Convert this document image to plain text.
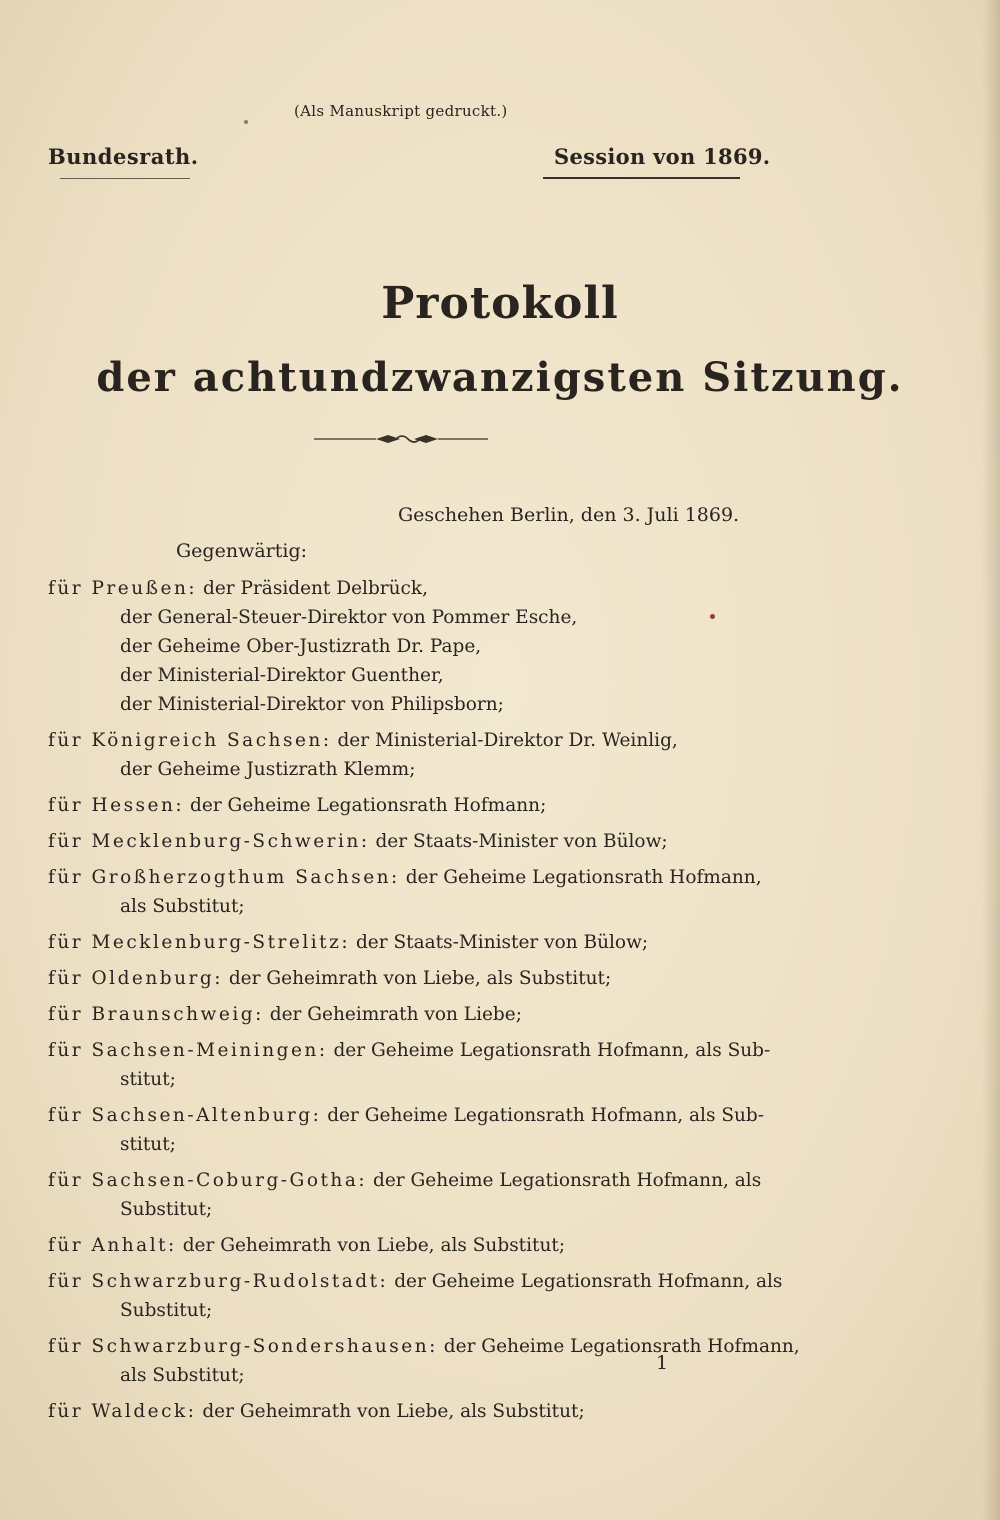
(Als Manuskript gedruckt.)
Bundesrath.	Session von 1869.
Protokoll
der achtundzwanzigsten Sitzung.
Geschehen Berlin, den 3. Juli 1869.
Gegenwärtig:
für Preußen: der Präsident Delbrück,
der General-Steuer-Direktor von Pommer Esche,
der Geheime Ober-Justizrath Dr. Pape,
der Ministerial-Direktor Guenther,
der Ministerial-Direktor von Philipsborn;
für Königreich Sachsen: der Ministerial-Direktor Dr. Weinlig,
der Geheime Justizrath Klemm;
für Hessen: der Geheime Legationsrath Hofmann;
für Mecklenburg-Schwerin: der Staats-Minister von Bülow;
für Großherzogthum Sachsen: der Geheime Legationsrath Hofmann,
als Substitut;
für Mecklenburg-Strelitz: der Staats-Minister von Bülow;
für Oldenburg: der Geheimrath von Liebe, als Substitut;
für Braunschweig: der Geheimrath von Liebe;
für Sachsen-Meiningen: der Geheime Legationsrath Hofmann, als Sub-
stitut;
für Sachsen-Altenburg: der Geheime Legationsrath Hofmann, als Sub-
stitut;
für Sachsen-Coburg-Gotha: der Geheime Legationsrath Hofmann, als
Substitut;
für Anhalt: der Geheimrath von Liebe, als Substitut;
für Schwarzburg-Rudolstadt: der Geheime Legationsrath Hofmann, als
Substitut;
für Schwarzburg-Sondershausen: der Geheime Legationsrath Hofmann,
als Substitut;
für Waldeck: der Geheimrath von Liebe, als Substitut;
1
